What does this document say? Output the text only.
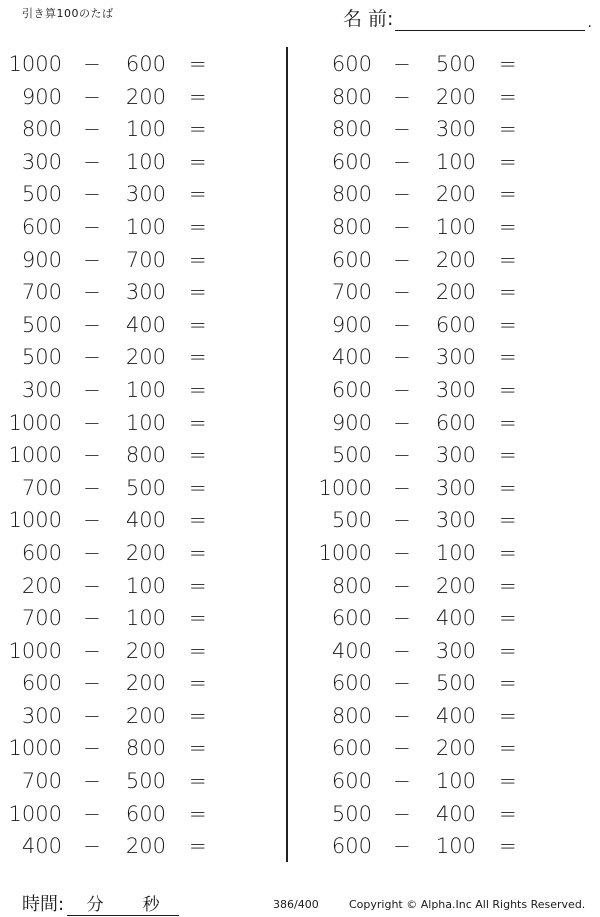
引き算100のたば	名 前:	.
1000 −	600 =
900 −	200 =
800 −	100 =
300 −	100 =
500 −	300 =
600 −	100 =
900 −	700 =
700 −	300 =
500 −	400 =
500 −	200 =
300 −	100 =
1000 −	100 =
1000 −	800 =
700 −	500 =
1000 −	400 =
600 −	200 =
200 −	100 =
700 −	100 =
1000 −	200 =
600 −	200 =
300 −	200 =
1000 −	800 =
700 −	500 =
1000 −	600 =
400 −	200 =
600 −	500 =
800 −	200 =
800 −	300 =
600 −	100 =
800 −	200 =
800 −	100 =
600 −	200 =
700 −	200 =
900 −	600 =
400 −	300 =
600 −	300 =
900 −	600 =
500 −	300 =
1000 −	300 =
500 −	300 =
1000 −	100 =
800 −	200 =
600 −	400 =
400 −	300 =
600 −	500 =
800 −	400 =
600 −	200 =
600 −	100 =
500 −	400 =
600 −	100 =
時間: 分 秒	386/400	Copyright © Alpha.Inc All Rights Reserved.
